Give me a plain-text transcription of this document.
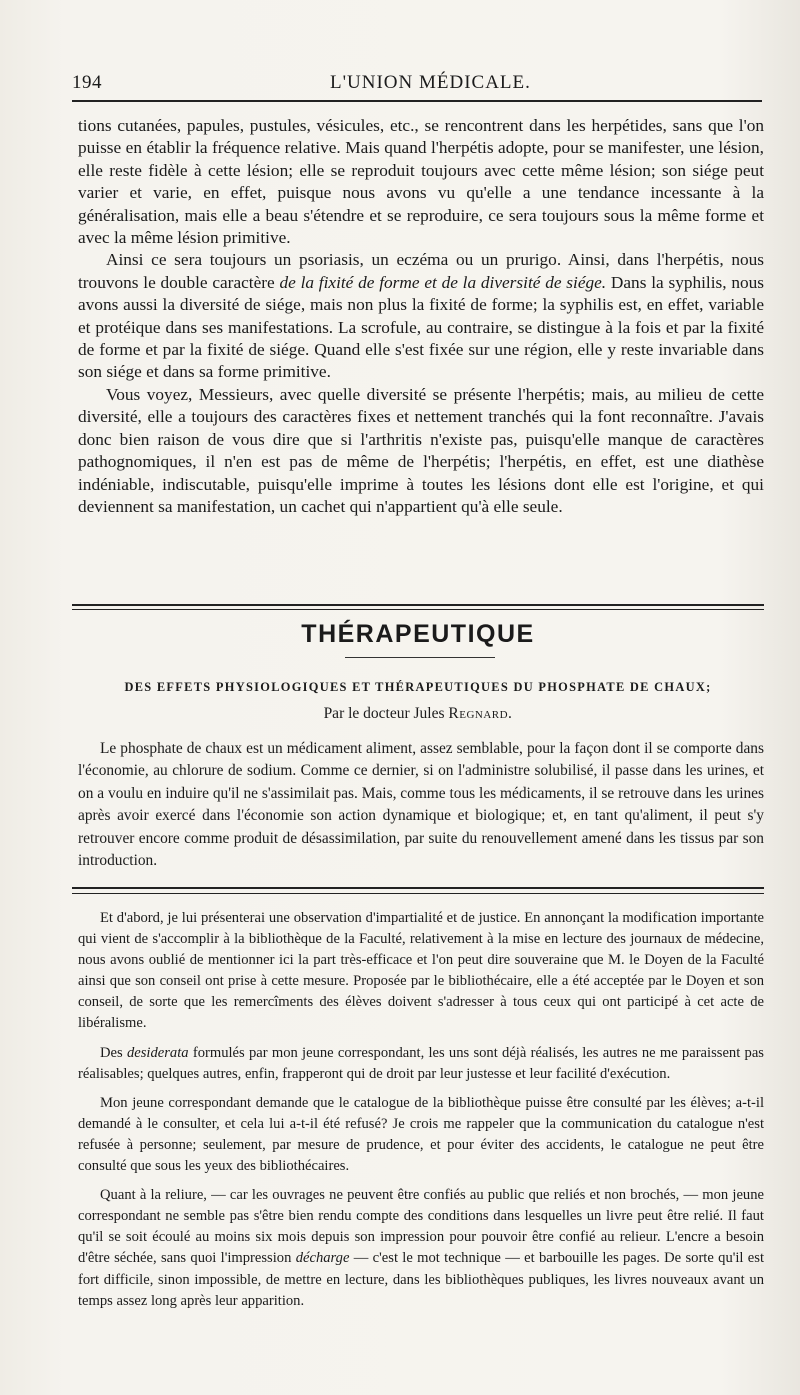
194	L'UNION MÉDICALE.

tions cutanées, papules, pustules, vésicules, etc., se rencontrent dans les herpétides, sans que l'on puisse en établir la fréquence relative. Mais quand l'herpétis adopte, pour se manifester, une lésion, elle reste fidèle à cette lésion; elle se reproduit toujours avec cette même lésion; son siége peut varier et varie, en effet, puisque nous avons vu qu'elle a une tendance incessante à la généralisation, mais elle a beau s'étendre et se reproduire, ce sera toujours sous la même forme et avec la même lésion primitive.

Ainsi ce sera toujours un psoriasis, un eczéma ou un prurigo. Ainsi, dans l'herpétis, nous trouvons le double caractère de la fixité de forme et de la diversité de siége. Dans la syphilis, nous avons aussi la diversité de siége, mais non plus la fixité de forme; la syphilis est, en effet, variable et protéique dans ses manifestations. La scrofule, au contraire, se distingue à la fois et par la fixité de forme et par la fixité de siége. Quand elle s'est fixée sur une région, elle y reste invariable dans son siége et dans sa forme primitive.

Vous voyez, Messieurs, avec quelle diversité se présente l'herpétis; mais, au milieu de cette diversité, elle a toujours des caractères fixes et nettement tranchés qui la font reconnaître. J'avais donc bien raison de vous dire que si l'arthritis n'existe pas, puisqu'elle manque de caractères pathognomiques, il n'en est pas de même de l'herpétis; l'herpétis, en effet, est une diathèse indéniable, indiscutable, puisqu'elle imprime à toutes les lésions dont elle est l'origine, et qui deviennent sa manifestation, un cachet qui n'appartient qu'à elle seule.

THÉRAPEUTIQUE
DES EFFETS PHYSIOLOGIQUES ET THÉRAPEUTIQUES DU PHOSPHATE DE CHAUX;
Par le docteur Jules Regnard.

Le phosphate de chaux est un médicament aliment, assez semblable, pour la façon dont il se comporte dans l'économie, au chlorure de sodium. Comme ce dernier, si on l'administre solubilisé, il passe dans les urines, et on a voulu en induire qu'il ne s'assimilait pas. Mais, comme tous les médicaments, il se retrouve dans les urines après avoir exercé dans l'économie son action dynamique et biologique; et, en tant qu'aliment, il peut s'y retrouver encore comme produit de désassimilation, par suite du renouvellement amené dans les tissus par son introduction.

Et d'abord, je lui présenterai une observation d'impartialité et de justice. En annonçant la modification importante qui vient de s'accomplir à la bibliothèque de la Faculté, relativement à la mise en lecture des journaux de médecine, nous avons oublié de mentionner ici la part très-efficace et l'on peut dire souveraine que M. le Doyen de la Faculté ainsi que son conseil ont prise à cette mesure. Proposée par le bibliothécaire, elle a été acceptée par le Doyen et son conseil, de sorte que les remercîments des élèves doivent s'adresser à tous ceux qui ont participé à cet acte de libéralisme.

Des desiderata formulés par mon jeune correspondant, les uns sont déjà réalisés, les autres ne me paraissent pas réalisables; quelques autres, enfin, frapperont qui de droit par leur justesse et leur facilité d'exécution.

Mon jeune correspondant demande que le catalogue de la bibliothèque puisse être consulté par les élèves; a-t-il demandé à le consulter, et cela lui a-t-il été refusé? Je crois me rappeler que la communication du catalogue n'est refusée à personne; seulement, par mesure de prudence, et pour éviter des accidents, le catalogue ne peut être consulté que sous les yeux des bibliothécaires.

Quant à la reliure, — car les ouvrages ne peuvent être confiés au public que reliés et non brochés, — mon jeune correspondant ne semble pas s'être bien rendu compte des conditions dans lesquelles un livre peut être relié. Il faut qu'il se soit écoulé au moins six mois depuis son impression pour pouvoir être confié au relieur. L'encre a besoin d'être séchée, sans quoi l'impression décharge — c'est le mot technique — et barbouille les pages. De sorte qu'il est fort difficile, sinon impossible, de mettre en lecture, dans les bibliothèques publiques, les livres nouveaux avant un temps assez long après leur apparition.
